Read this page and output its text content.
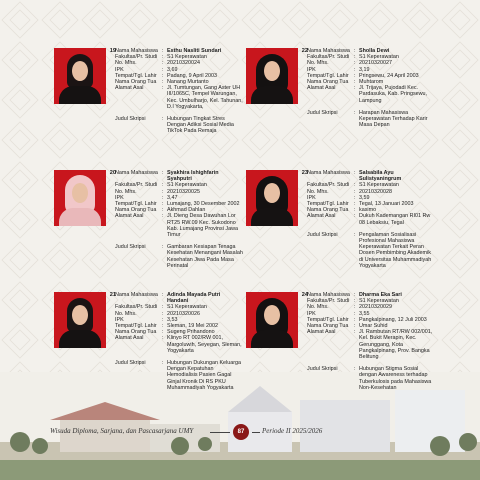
Wisuda Diploma, Sarjana, dan Pascasarjana UMY	87	Periode II 2025/2026
19 Nama Mahasiswa : Esthu Nasliti Sundari
Fakultas/Pr. Studi : S1 Keperawatan
No. Mhs.	: 20210320024
IPK	: 3,69
Tempat/Tgl. Lahir : Padang, 9 April 2003
Nama Orang Tua	: Nanang Murtanto
Alamat Asal	: Jl. Tumtungan, Gang Aster UH III/1065C, Tempel Warungan, Kec. Umbulharjo, Kel. Tahunan, D.I Yogyakarta,
Judul Skripsi	: Hubungan Tingkat Stres Dengan Adiksi Sosial Media TikTok Pada Remaja
22 Nama Mahasiswa : Sholla Dewi
Fakultas/Pr. Studi : S1 Keperawatan
No. Mhs.	: 20210320027
IPK	: 3,19
Tempat/Tgl. Lahir : Pringsewu, 24 April 2003
Nama Orang Tua	: Muhtarom
Alamat Asal	: Jl. Trijaya, Pujodadi Kec. Pardasuka, Kab. Pringsewu, Lampung
Judul Skripsi	: Harapan Mahasiswa Keperawatan Terhadap Karir Masa Depan
20 Nama Mahasiswa : Syakhira Ishighfarin Syahputri
Fakultas/Pr. Studi : S1 Keperawatan
No. Mhs.	: 20210320025
IPK	: 3,47
Tempat/Tgl. Lahir : Lumajang, 30 Desember 2002
Nama Orang Tua	: Akhmad Dahlan
Alamat Asal	: Jl. Dieng Desa Dawuhan Lor RT25 RW.09 Kec. Sukodono Kab. Lumajang Provinsi Jawa Timur
Judul Skripsi	: Gambaran Kesiapan Tenaga Kesehatan Menangani Masalah Kesehatan Jiwa Pada Masa Perinatal
23 Nama Mahasiswa : Salsabila Ayu Sulistyaningrum
Fakultas/Pr. Studi : S1 Keperawatan
No. Mhs.	: 20210320028
IPK	: 3,59
Tempat/Tgl. Lahir : Tegal, 13 Januari 2003
Nama Orang Tua	: kasimo
Alamat Asal	: Dukuh Kademangan RI01 Rw 08 Lebaksiu, Tegal
Judul Skripsi	: Pengalaman Sosialisasi Profesional Mahasiswa Keperawatan Terkait Peran Dosen Pembimbing Akademik di Universitas Muhammadiyah Yogyakarta
21 Nama Mahasiswa : Adinda Mayada Putri Handani
Fakultas/Pr. Studi : S1 Keperawatan
No. Mhs.	: 20210320026
IPK	: 3,53
Tempat/Tgl. Lahir : Sleman, 19 Mei 2002
Nama Orang Tua	: Sugeng Prihandono
Alamat Asal	: Klinyo RT 002/RW 001, Margoluwih, Seyegan, Sleman, Yogyakarta
Judul Skripsi	: Hubungan Dukungan Keluarga Dengan Kepatuhan Hemodialisis Pasien Gagal Ginjal Kronik Di RS PKU Muhammadiyah Yogyakarta
24 Nama Mahasiswa : Dharma Eka Sari
Fakultas/Pr. Studi : S1 Keperawatan
No. Mhs.	: 20210320029
IPK	: 3,55
Tempat/Tgl. Lahir : Pangkalpinang, 12 Juli 2003
Nama Orang Tua	: Umar Suhid
Alamat Asal	: Jl. Rambutan RT/RW 002/001, Kel. Bukit Merapin, Kec. Gerunggang, Kota Pangkalpinang, Prov. Bangka Belitung
Judul Skripsi	: Hubungan Stigma Sosial dengan Awareness terhadap Tuberkulosis pada Mahasiswa Non-Kesehatan
